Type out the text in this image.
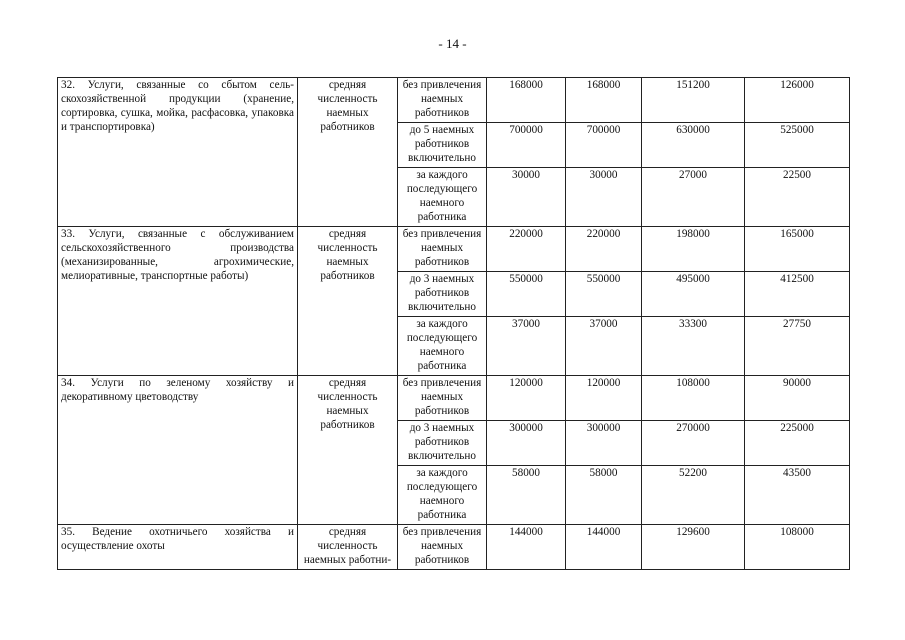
- 14 -
32. Услуги, связанные со сбытом сель-скохозяйственной продукции (хранение, сортировка, сушка, мойка, расфасовка, упаковка и транспортировка)	средняя численность наемных работников	без привлечения наемных работников	168000	168000	151200	126000
		до 5 наемных работников включительно	700000	700000	630000	525000
		за каждого последующего наемного работника	30000	30000	27000	22500
33. Услуги, связанные с обслуживанием сельскохозяйственного производства (механизированные, агрохимические, мелиоративные, транспортные работы)	средняя численность наемных работников	без привлечения наемных работников	220000	220000	198000	165000
		до 3 наемных работников включительно	550000	550000	495000	412500
		за каждого последующего наемного работника	37000	37000	33300	27750
34. Услуги по зеленому хозяйству и декоративному цветоводству	средняя численность наемных работников	без привлечения наемных работников	120000	120000	108000	90000
		до 3 наемных работников включительно	300000	300000	270000	225000
		за каждого последующего наемного работника	58000	58000	52200	43500
35. Ведение охотничьего хозяйства и осуществление охоты	средняя численность наемных работни-	без привлечения наемных работников	144000	144000	129600	108000
